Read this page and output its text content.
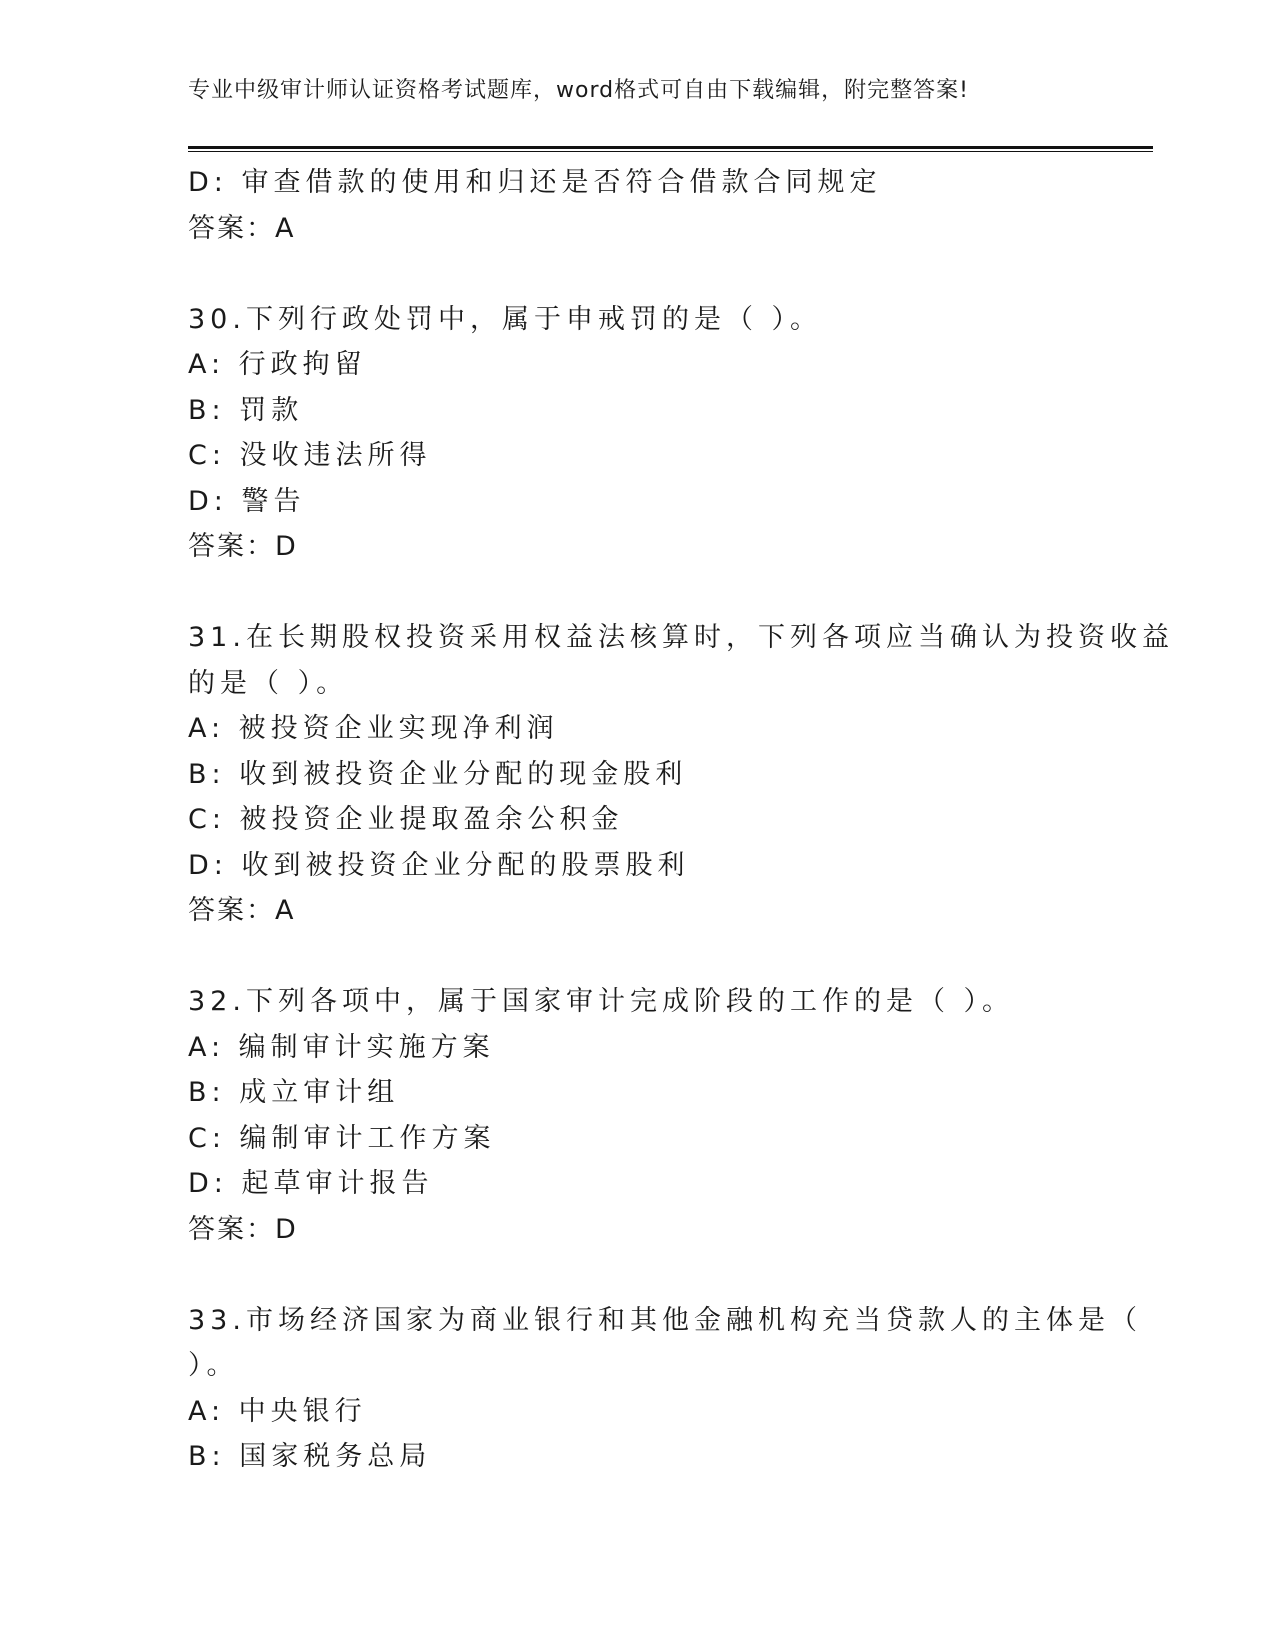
专业中级审计师认证资格考试题库，word格式可自由下载编辑，附完整答案!
D: 审查借款的使用和归还是否符合借款合同规定
答案：A
30.下列行政处罚中，属于申戒罚的是（ ）。
A: 行政拘留
B: 罚款
C: 没收违法所得
D: 警告
答案：D
31.在长期股权投资采用权益法核算时，下列各项应当确认为投资收益
的是（ ）。
A: 被投资企业实现净利润
B: 收到被投资企业分配的现金股利
C: 被投资企业提取盈余公积金
D: 收到被投资企业分配的股票股利
答案：A
32.下列各项中，属于国家审计完成阶段的工作的是（ ）。
A: 编制审计实施方案
B: 成立审计组
C: 编制审计工作方案
D: 起草审计报告
答案：D
33.市场经济国家为商业银行和其他金融机构充当贷款人的主体是（
）。
A: 中央银行
B: 国家税务总局
